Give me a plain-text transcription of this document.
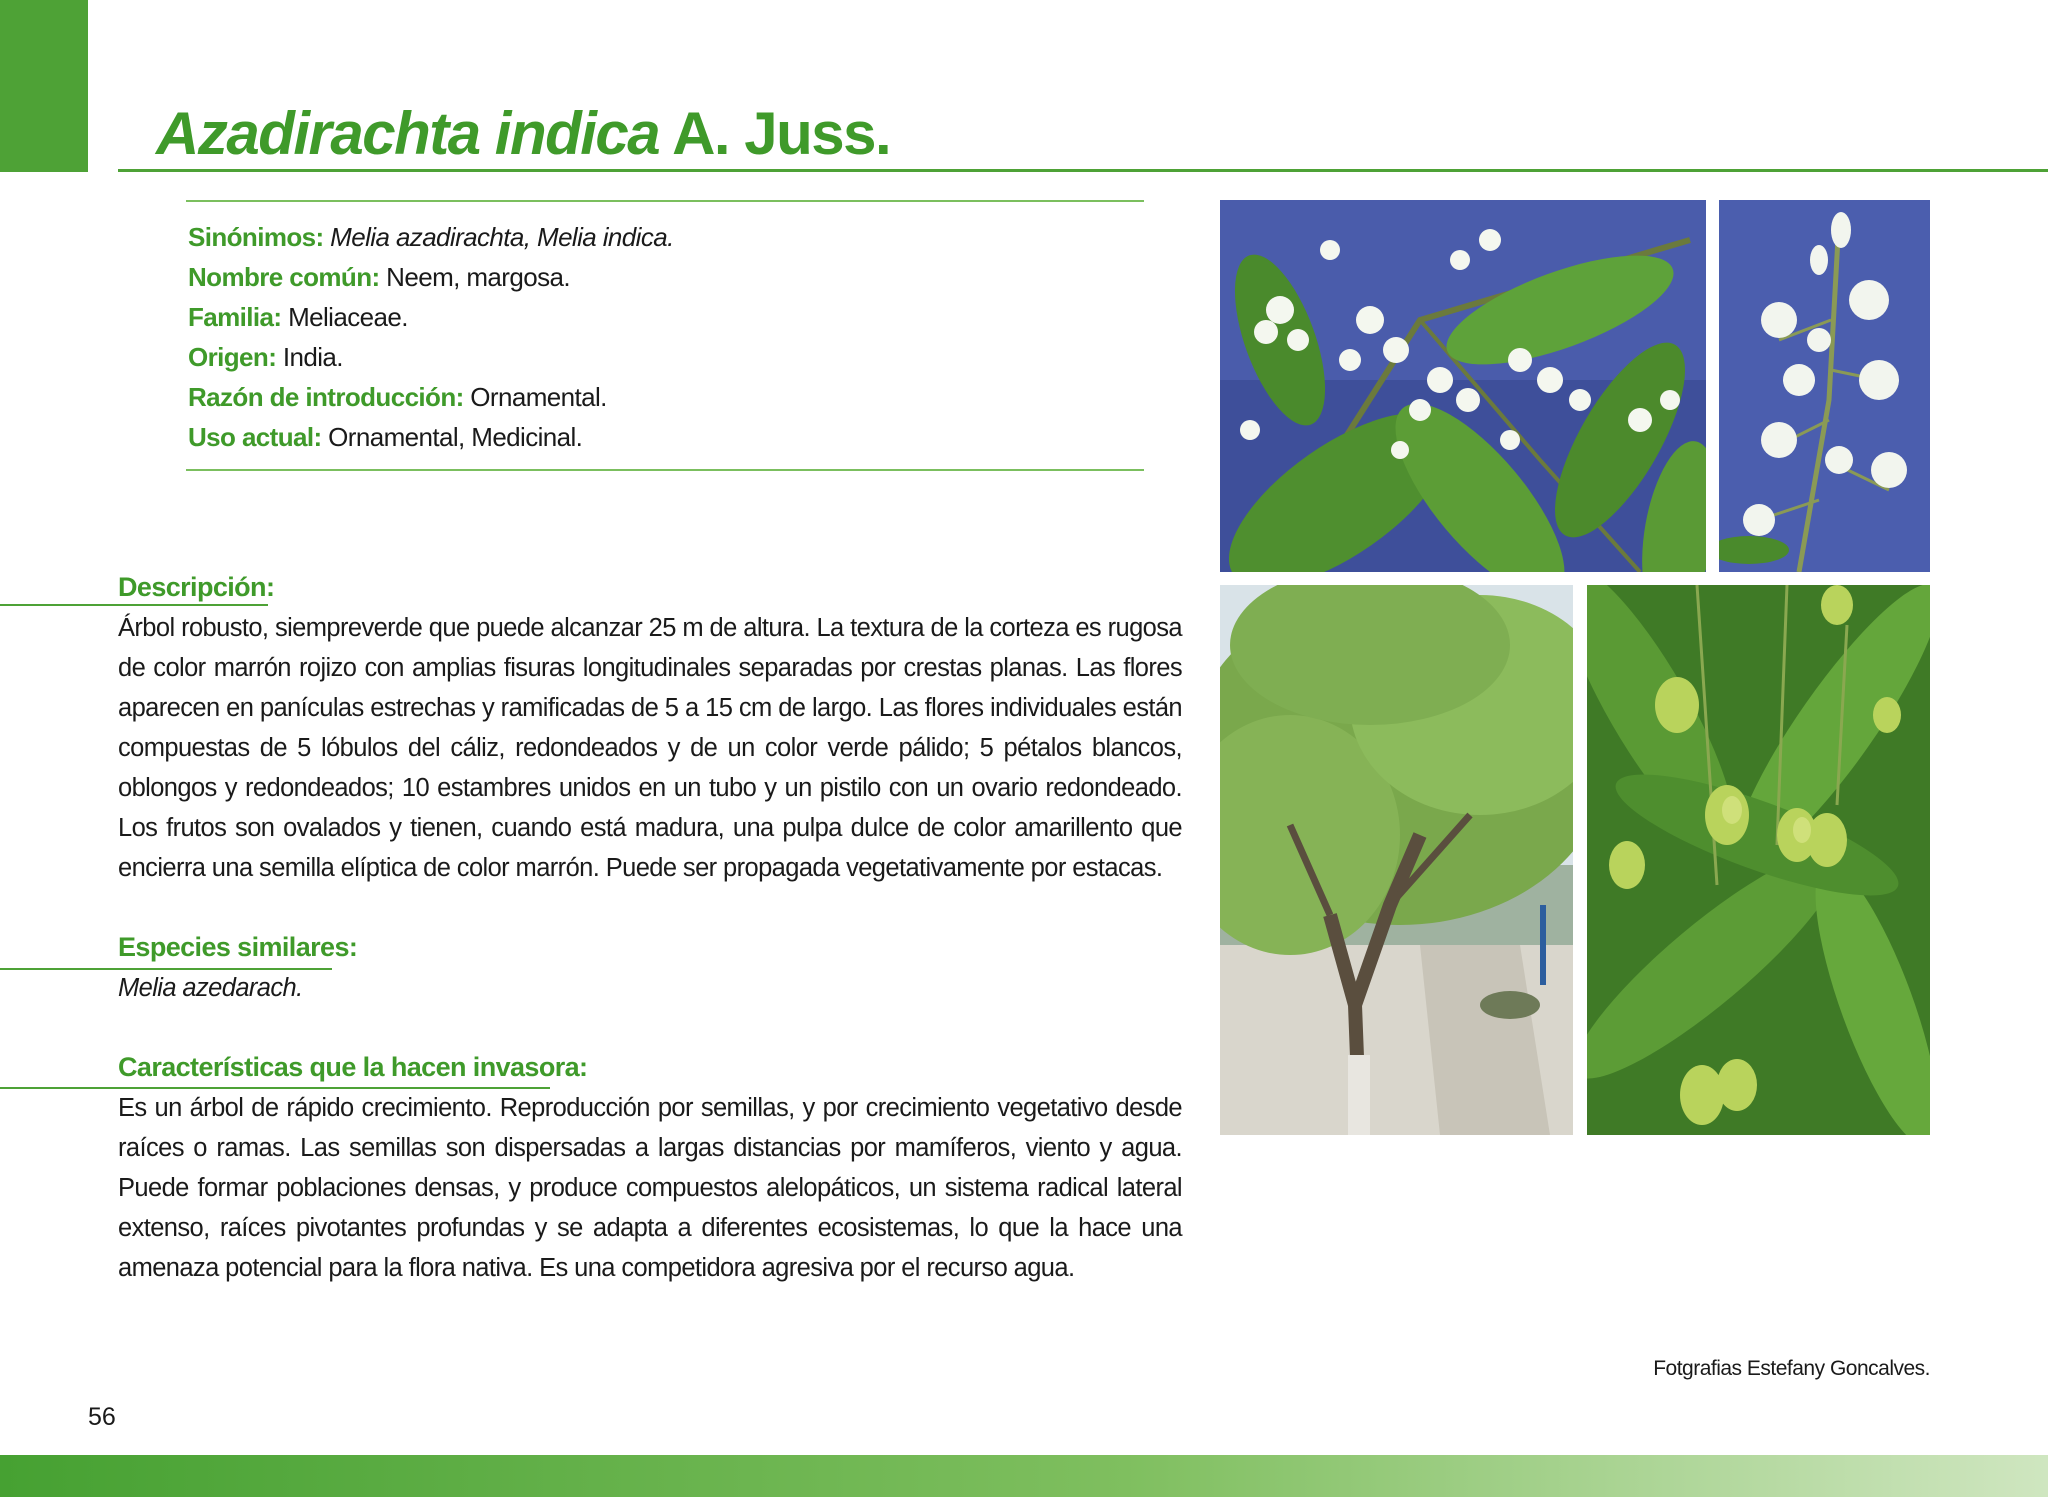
Azadirachta indica A. Juss.
Sinónimos: Melia azadirachta, Melia indica.
Nombre común: Neem, margosa.
Familia: Meliaceae.
Origen: India.
Razón de introducción: Ornamental.
Uso actual: Ornamental, Medicinal.
Descripción:

Árbol robusto, siempreverde que puede alcanzar 25 m de altura. La textura de la corteza es rugosa de color marrón rojizo con amplias fisuras longitudinales separadas por crestas planas. Las flores aparecen en panículas estrechas y ramificadas de 5 a 15 cm de largo. Las flores individuales están compuestas de 5 lóbulos del cáliz, redondeados y de un color verde pálido; 5 pétalos blancos, oblongos y redondeados; 10 estambres unidos en un tubo y un pistilo con un ovario redondeado. Los frutos son ovalados y tienen, cuando está madura, una pulpa dulce de color amarillento que encierra una semilla elíptica de color marrón. Puede ser propagada vegetativamente por estacas.

Especies similares:

Melia azedarach.

Características que la hacen invasora:

Es un árbol de rápido crecimiento. Reproducción por semillas, y por crecimiento vegetativo desde raíces o ramas. Las semillas son dispersadas a largas distancias por mamíferos, viento y agua. Puede formar poblaciones densas, y produce compuestos alelopáticos, un sistema radical lateral extenso, raíces pivotantes profundas y se adapta a diferentes ecosistemas, lo que la hace una amenaza potencial para la flora nativa. Es una competidora agresiva por el recurso agua.

Fotgrafias Estefany Goncalves.

56
